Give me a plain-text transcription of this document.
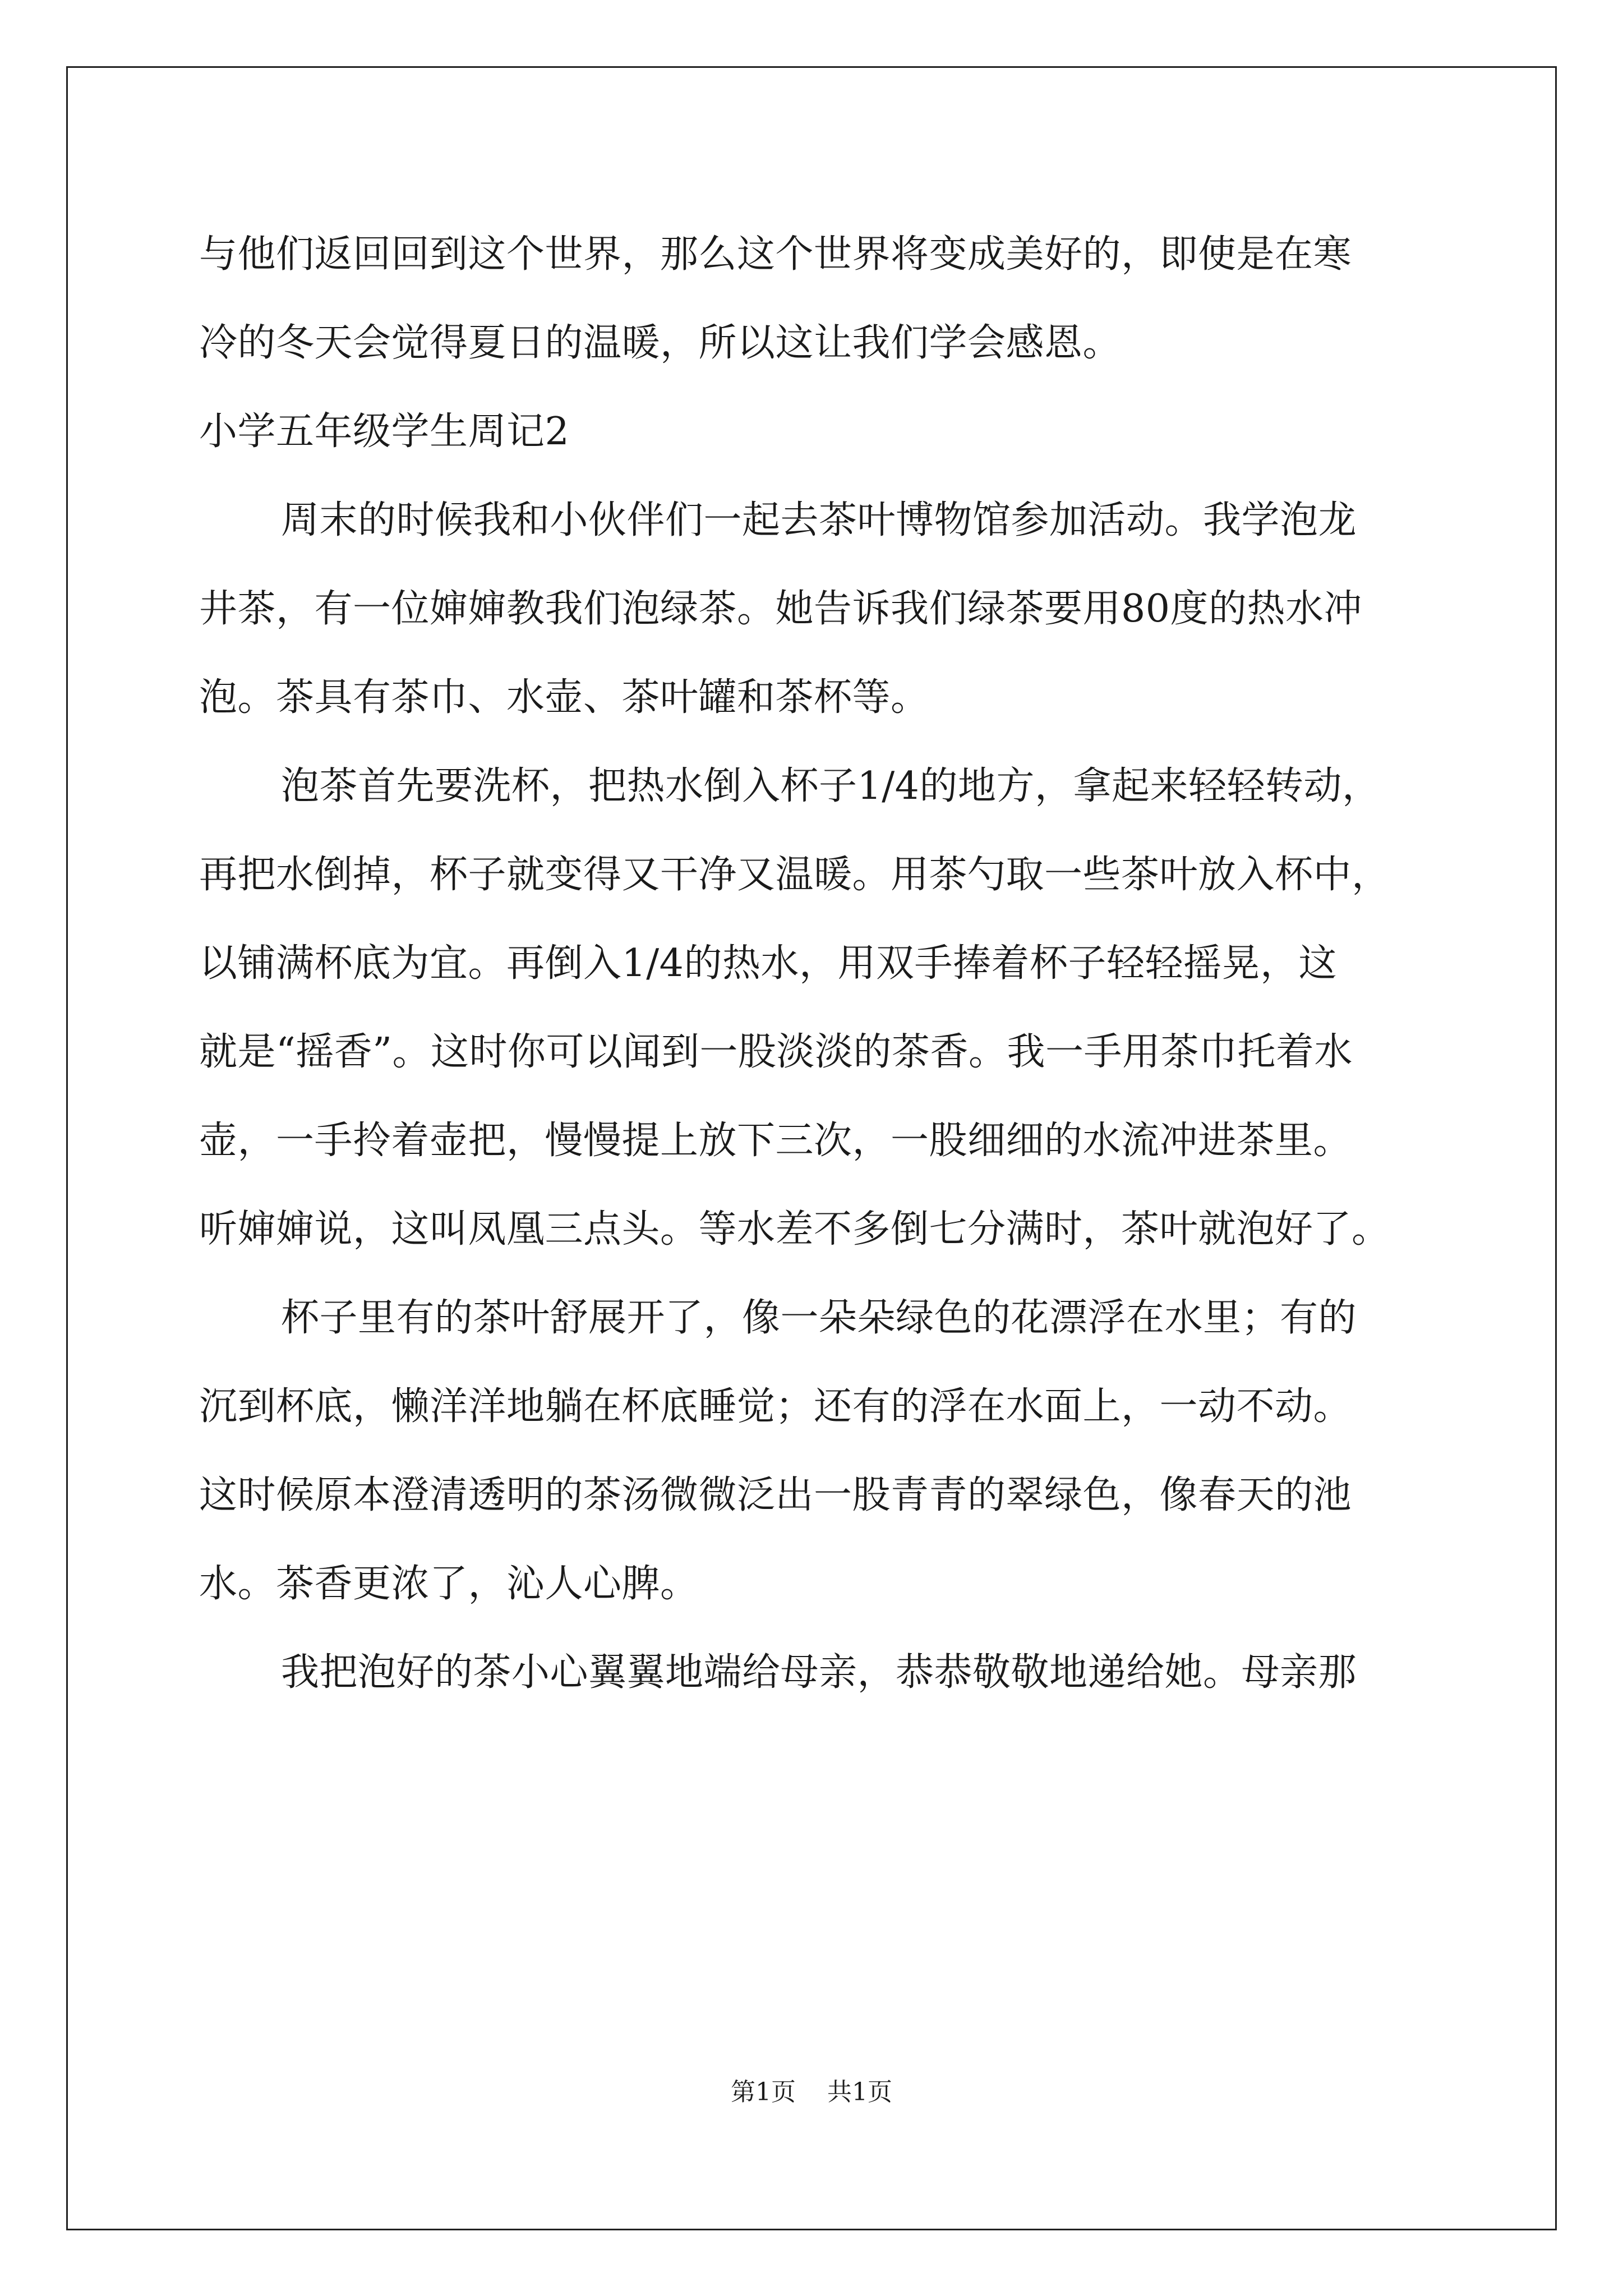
与他们返回回到这个世界，那么这个世界将变成美好的，即使是在寒
冷的冬天会觉得夏日的温暖，所以这让我们学会感恩。
小学五年级学生周记2
周末的时候我和小伙伴们一起去茶叶博物馆参加活动。我学泡龙
井茶，有一位婶婶教我们泡绿茶。她告诉我们绿茶要用80度的热水冲
泡。茶具有茶巾、水壶、茶叶罐和茶杯等。
泡茶首先要洗杯，把热水倒入杯子1/4的地方，拿起来轻轻转动，
再把水倒掉，杯子就变得又干净又温暖。用茶勺取一些茶叶放入杯中，
以铺满杯底为宜。再倒入1/4的热水，用双手捧着杯子轻轻摇晃，这
就是“摇香”。这时你可以闻到一股淡淡的茶香。我一手用茶巾托着水
壶，一手拎着壶把，慢慢提上放下三次，一股细细的水流冲进茶里。
听婶婶说，这叫凤凰三点头。等水差不多倒七分满时，茶叶就泡好了。
杯子里有的茶叶舒展开了，像一朵朵绿色的花漂浮在水里；有的
沉到杯底，懒洋洋地躺在杯底睡觉；还有的浮在水面上，一动不动。
这时候原本澄清透明的茶汤微微泛出一股青青的翠绿色，像春天的池
水。茶香更浓了，沁人心脾。
我把泡好的茶小心翼翼地端给母亲，恭恭敬敬地递给她。母亲那
第1页 共1页
